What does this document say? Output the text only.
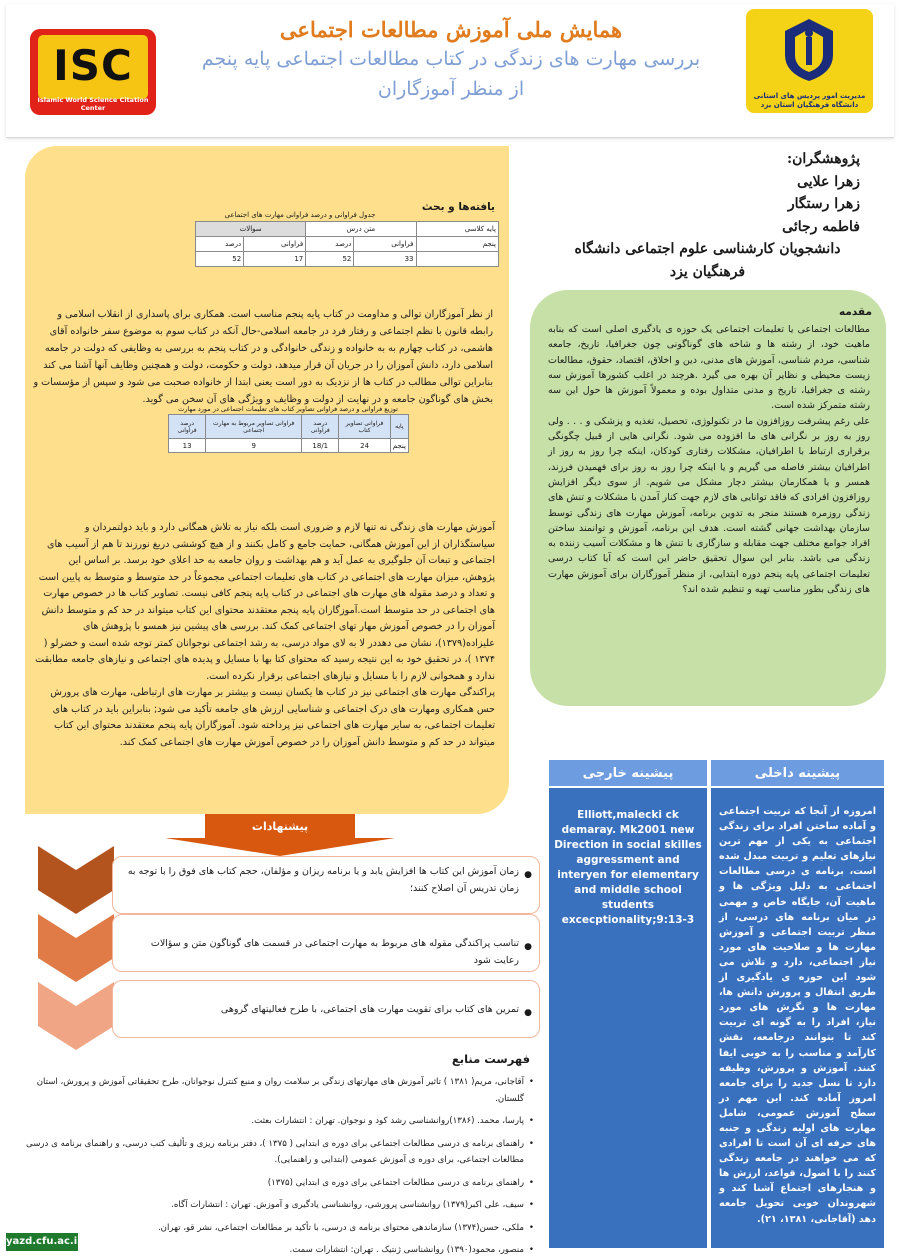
مدیریت امور پردیس های استانی
دانشگاه فرهنگیان استان یزد
همایش ملی آموزش مطالعات اجتماعی
بررسی مهارت های زندگی در کتاب مطالعات اجتماعی پایه پنجم
از منظر آموزگاران
ISC
Islamic World Science Citation Center
پژوهشگران:
زهرا علایی
زهرا رستگار
فاطمه رجائی
دانشجویان کارشناسی علوم اجتماعی دانشگاه فرهنگیان یزد
یافته‌ها و بحث
جدول فراوانی و درصد فراوانی مهارت های اجتماعی
پایه کلاسی	متن درس		سوالات	
پنجم	فراوانی	درصد	فراوانی	درصد
	33	52	17	52
از نظر آموزگاران توالی و مداومت در کتاب پایه پنجم مناسب است. همکاری برای پاسداری از انقلاب اسلامی و رابطه قانون با نظم اجتماعی و رفتار فرد در جامعه اسلامی-حال آنکه در کتاب سوم به موضوع سفر خانواده آقای هاشمی، در کتاب چهارم به به خانواده و زندگی خانوادگی و در کتاب پنجم به بررسی به وظایفی که دولت در جامعه اسلامی دارد، دانش آموزان را در جریان آن قرار میدهد، دولت و حکومت، دولت و همچنین وظایف آنها آشنا می کند بنابراین توالی مطالب در کتاب ها از نزدیک به دور است یعنی ابتدا از خانواده صحبت می شود و سپس از مؤسسات و بخش های گوناگون جامعه و در نهایت از دولت و وظایف و ویژگی های آن سخن می گوید.
توزیع فراوانی و درصد فراوانی تصاویر کتاب های تعلیمات اجتماعی در مورد مهارت
پایه	فراوانی تصاویر کتاب	درصد فراوانی	فراوانی تصاویر مربوط به مهارت اجتماعی	درصد فراوانی
پنجم	24	18/1	9	13
آموزش مهارت های زندگی نه تنها لازم و ضروری است بلکه نیاز به تلاش همگانی دارد و باید دولتمردان و سیاستگذاران از این آموزش همگانی، حمایت جامع و کامل بکنند و از هیچ کوششی دریغ نورزند تا هم از آسیب های اجتماعی و تبعات آن جلوگیری به عمل آید و هم بهداشت و روان جامعه به حد اعلای خود برسد. بر اساس این پژوهش، میزان مهارت های اجتماعی در کتاب های تعلیمات اجتماعی مجموعاً در حد متوسط و متوسط به پایین است و تعداد و درصد مقوله های مهارت های اجتماعی در کتاب پایه پنجم کافی نیست. تصاویر کتاب ها در خصوص مهارت های اجتماعی در حد متوسط است.آموزگاران پایه پنجم معتقدند محتوای این کتاب میتواند در حد کم و متوسط دانش آموزان را در خصوص آموزش مهار تهای اجتماعی کمک کند. بررسی های پیشین نیز همسو با پژوهش های علیزاده(۱۳۷۹)، نشان می دهددر لا به لای مواد درسی، به رشد اجتماعی نوجوانان کمتر توجه شده است و خضرلو ( ۱۳۷۴ )، در تحقیق خود به این نتیجه رسید که محتوای کتا بها با مسایل و پدیده های اجتماعی و نیازهای جامعه مطابقت ندارد و همخوانی لازم را با مسایل و نیازهای اجتماعی برقرار نکرده است.
پراکندگی مهارت های اجتماعی نیز در کتاب ها یکسان نیست و بیشتر بر مهارت های ارتباطی، مهارت های پرورش حس همکاری ومهارت های درک اجتماعی و شناسایی ارزش های جامعه تأکید می شود; بنابراین باید در کتاب های تعلیمات اجتماعی، به سایر مهارت های اجتماعی نیز پرداخته شود. آموزگاران پایه پنجم معتقدند محتوای این کتاب میتواند در حد کم و متوسط دانش آموزان را در خصوص آموزش مهارت های اجتماعی کمک کند.
مقدمه
مطالعات اجتماعی یا تعلیمات اجتماعی یک حوزه ی یادگیری اصلی است که بنابه ماهیت خود، از رشته ها و شاخه های گوناگونی چون جغرافیا، تاریخ، جامعه شناسی، مردم شناسی، آموزش های مدنی، دین و اخلاق، اقتصاد، حقوق، مطالعات زیست محیطی و نظایر آن بهره می گیرد .هرچند در اغلب کشورها آموزش سه رشته ی جغرافیا، تاریخ و مدنی متداول بوده و معمولاً آموزش ها حول این سه رشته متمرکز شده است.
علی رغم پیشرفت روزافزون ما در تکنولوژی، تحصیل، تغذیه و پزشکی و . . . ولی روز به روز بر نگرانی های ما افزوده می شود. نگرانی هایی از قبیل چگونگی برقراری ارتباط با اطرافیان، مشکلات رفتاری کودکان، اینکه چرا روز به روز از اطرافیان بیشتر فاصله می گیریم و یا اینکه چرا روز به روز برای فهمیدن فرزند، همسر و یا همکارمان بیشتر دچار مشکل می شویم. از سوی دیگر افزایش روزافزون افرادی که فاقد توانایی های لازم جهت کنار آمدن با مشکلات و تنش های زندگی روزمره هستند منجر به تدوین برنامه، آموزش مهارت های زندگی توسط سازمان بهداشت جهانی گشته است. هدف این برنامه، آموزش و توانمند ساختن افراد جوامع مختلف جهت مقابله و سازگاری با تنش ها و مشکلات آسیب زننده به زندگی می باشد. بنابر این سوال تحقیق حاضر این است که آیا کتاب درسی تعلیمات اجتماعی پایه پنجم دوره ابتدایی، از منظر آموزگاران برای آموزش مهارت های زندگی بطور مناسب تهیه و تنظیم شده اند؟
پیشینه خارجی
Elliott,malecki ck demaray. Mk2001 new Direction in social skilles aggressment and interyen for elementary and middle school students excecptionality;9:13-3
پیشینه داخلی
امروزه از آنجا که تربیت اجتماعی و آماده ساختن افراد برای زندگی اجتماعی به یکی از مهم ترین نیازهای تعلیم و تربیت مبدل شده است، برنامه ی درسی مطالعات اجتماعی به دلیل ویژگی ها و ماهیت آن، جایگاه خاص و مهمی در میان برنامه های درسی، از منظر تربیت اجتماعی و آموزش مهارت ها و صلاحیت های مورد نیاز اجتماعی، دارد و تلاش می شود این حوزه ی یادگیری از طریق انتقال و پرورش دانش ها، مهارت ها و نگرش های مورد نیاز، افراد را به گونه ای تربیت کند تا بتوانند درجامعه، نقش کارآمد و مناسب را به خوبی ایفا کنند. آموزش و پرورش، وظیفه دارد تا نسل جدید را برای جامعه امروز آماده کند. این مهم در سطح آموزش عمومی، شامل مهارت های اولیه زندگی و جنبه های حرفه ای آن است تا افرادی که می خواهند در جامعه زندگی کنند را با اصول، قواعد، ارزش ها و هنجارهای اجتماع آشنا کند و شهروندان خوبی تحویل جامعه دهد (آقاجانی، ۱۳۸۱، ۲۱).
پیشنهادات
●
زمان آموزش این کتاب ها افزایش یابد و یا برنامه ریزان و مؤلفان، حجم کتاب های فوق را با توجه به زمان تدریس آن اصلاح کنند؛
●
تناسب پراکندگی مقوله های مربوط به مهارت اجتماعی در قسمت های گوناگون متن و سؤالات رعایت شود
●
تمرین های کتاب برای تقویت مهارت های اجتماعی، با طرح فعالیتهای گروهی
فهرست منابع
• آقاجانی، مریم( ۱۳۸۱ ) تاثیر آموزش های مهارتهای زندگی بر سلامت روان و منبع کنترل نوجوانان، طرح تحقیقاتی آموزش و پرورش، استان گلستان.
• پارسا، محمد. (۱۳۸۶)روانشناسی رشد کود و نوجوان. تهران : انتشارات بعثت.
• راهنمای برنامه ی درسی مطالعات اجتماعی برای دوره ی ابتدایی ( ۱۳۷۵ )، دفتر برنامه ریزی و تألیف کتب درسی، و راهنمای برنامه ی درسی مطالعات اجتماعی، برای دوره ی آموزش عمومی (ابتدایی و راهنمایی).
• راهنمای برنامه ی درسی مطالعات اجتماعی برای دوره ی ابتدایی (۱۳۷۵)
• سیف، علی اکبر(۱۳۷۹) روانشناسی پرورشی، روانشناسی یادگیری و آموزش. تهران : انتشارات آگاه.
• ملکی، حسن(۱۳۷۴) سازماندهی محتوای برنامه ی درسی، با تأکید بر مطالعات اجتماعی، نشر قو، تهران.
• منصور، محمود(۱۳۹۰) روانشناسی ژنتیک . تهران: انتشارات سمت.
yazd.cfu.ac.ir
